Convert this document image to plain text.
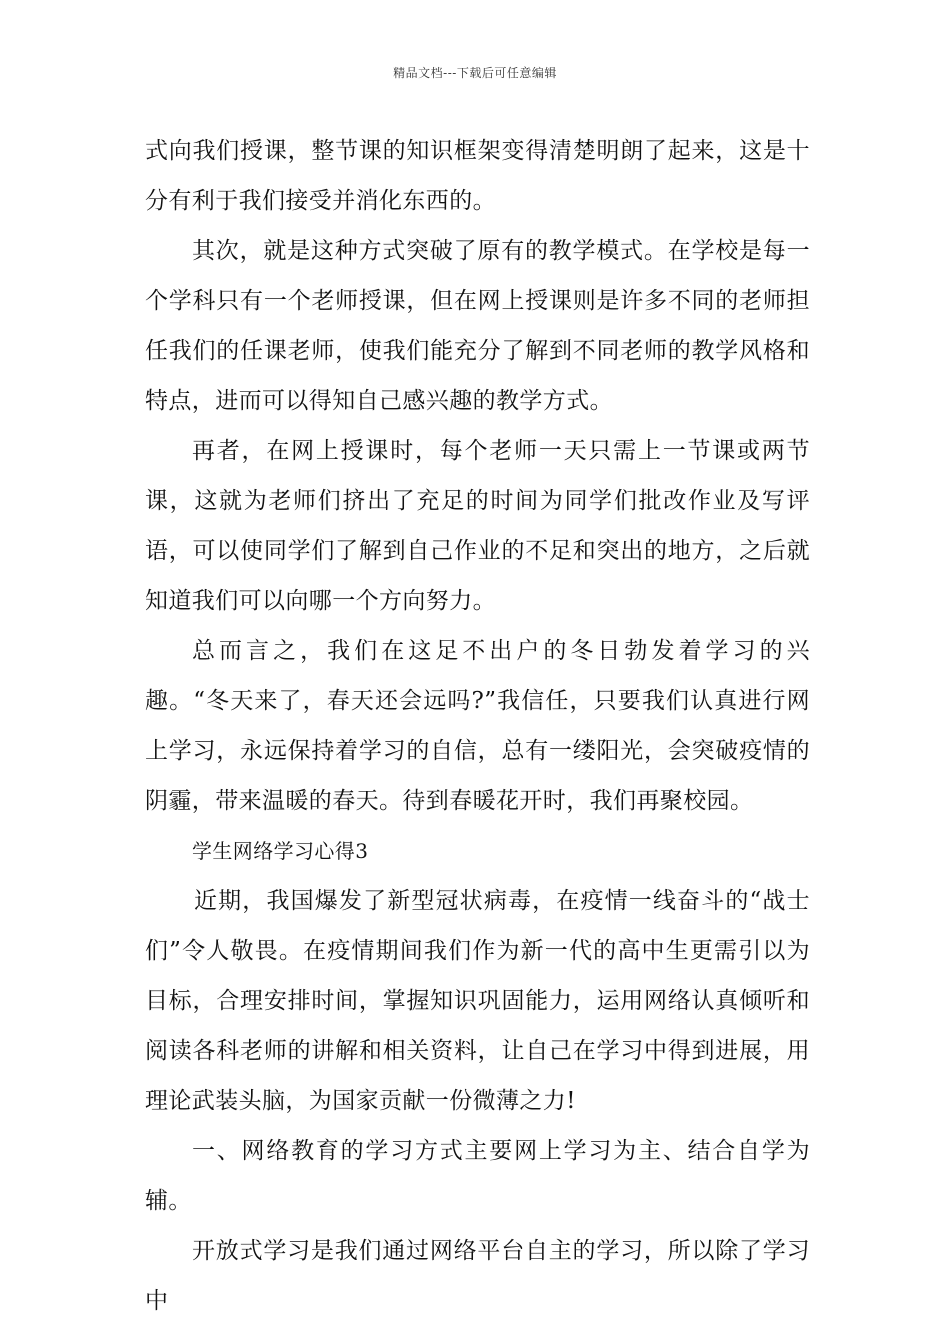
精品文档---下载后可任意编辑

式向我们授课，整节课的知识框架变得清楚明朗了起来，这是十分有利于我们接受并消化东西的。

其次，就是这种方式突破了原有的教学模式。在学校是每一个学科只有一个老师授课，但在网上授课则是许多不同的老师担任我们的任课老师，使我们能充分了解到不同老师的教学风格和特点，进而可以得知自己感兴趣的教学方式。

再者，在网上授课时，每个老师一天只需上一节课或两节课，这就为老师们挤出了充足的时间为同学们批改作业及写评语，可以使同学们了解到自己作业的不足和突出的地方，之后就知道我们可以向哪一个方向努力。

总而言之，我们在这足不出户的冬日勃发着学习的兴趣。“冬天来了，春天还会远吗?”我信任，只要我们认真进行网上学习，永远保持着学习的自信，总有一缕阳光，会突破疫情的阴霾，带来温暖的春天。待到春暖花开时，我们再聚校园。

学生网络学习心得3

近期，我国爆发了新型冠状病毒，在疫情一线奋斗的“战士们”令人敬畏。在疫情期间我们作为新一代的高中生更需引以为目标，合理安排时间，掌握知识巩固能力，运用网络认真倾听和阅读各科老师的讲解和相关资料，让自己在学习中得到进展，用理论武装头脑，为国家贡献一份微薄之力!

一、网络教育的学习方式主要网上学习为主、结合自学为辅。

开放式学习是我们通过网络平台自主的学习，所以除了学习中
